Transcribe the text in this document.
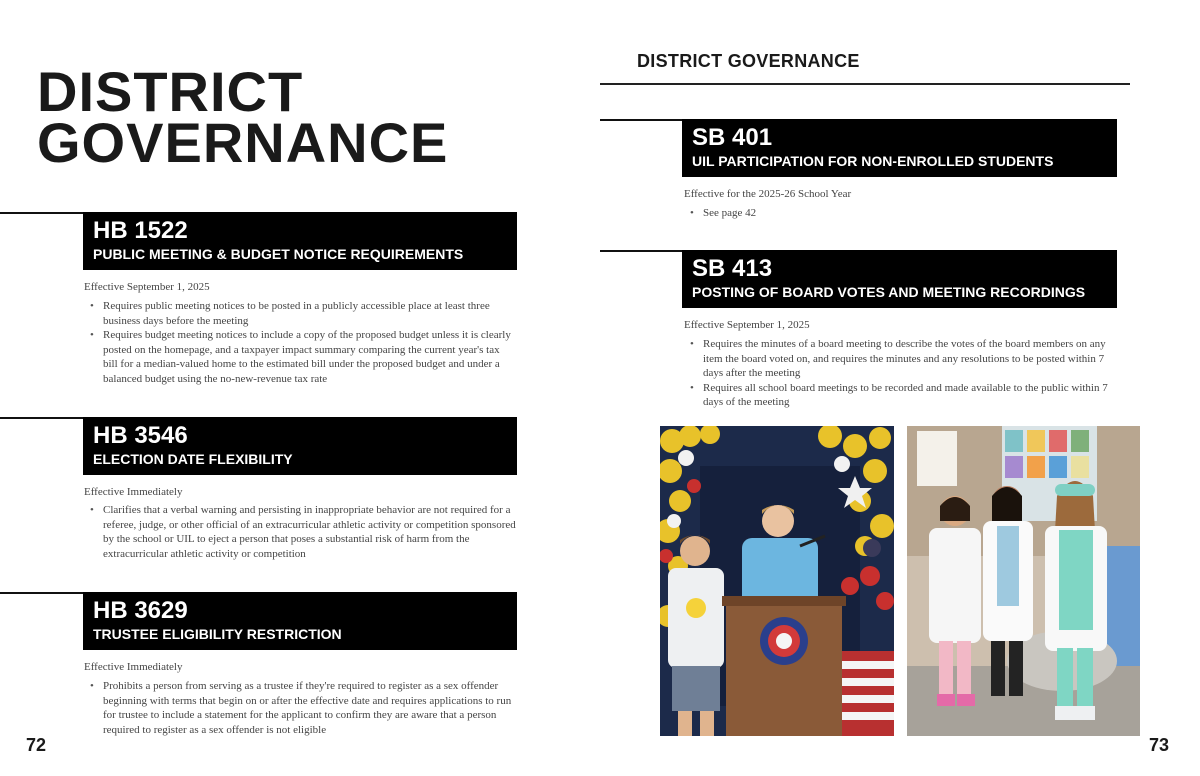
DISTRICT
GOVERNANCE
HB 1522
PUBLIC MEETING & BUDGET NOTICE REQUIREMENTS
Effective September 1, 2025
• Requires public meeting notices to be posted in a publicly accessible place at least three business days before the meeting
• Requires budget meeting notices to include a copy of the proposed budget unless it is clearly posted on the homepage, and a taxpayer impact summary comparing the current year's tax bill for a median-valued home to the estimated bill under the proposed budget and under a balanced budget using the no-new-revenue tax rate
HB 3546
ELECTION DATE FLEXIBILITY
Effective Immediately
• Clarifies that a verbal warning and persisting in inappropriate behavior are not required for a referee, judge, or other official of an extracurricular athletic activity or competition sponsored by the school or UIL to eject a person that poses a substantial risk of harm from the extracurricular athletic activity or competition
HB 3629
TRUSTEE ELIGIBILITY RESTRICTION
Effective Immediately
• Prohibits a person from serving as a trustee if they're required to register as a sex offender beginning with terms that begin on or after the effective date and requires applications to run for trustee to include a statement for the applicant to confirm they are aware that a person required to register as a sex offender is not eligible
72
DISTRICT GOVERNANCE
SB 401
UIL PARTICIPATION FOR NON-ENROLLED STUDENTS
Effective for the 2025-26 School Year
• See page 42
SB 413
POSTING OF BOARD VOTES AND MEETING RECORDINGS
Effective September 1, 2025
• Requires the minutes of a board meeting to describe the votes of the board members on any item the board voted on, and requires the minutes and any resolutions to be posted within 7 days after the meeting
• Requires all school board meetings to be recorded and made available to the public within 7 days of the meeting
73
